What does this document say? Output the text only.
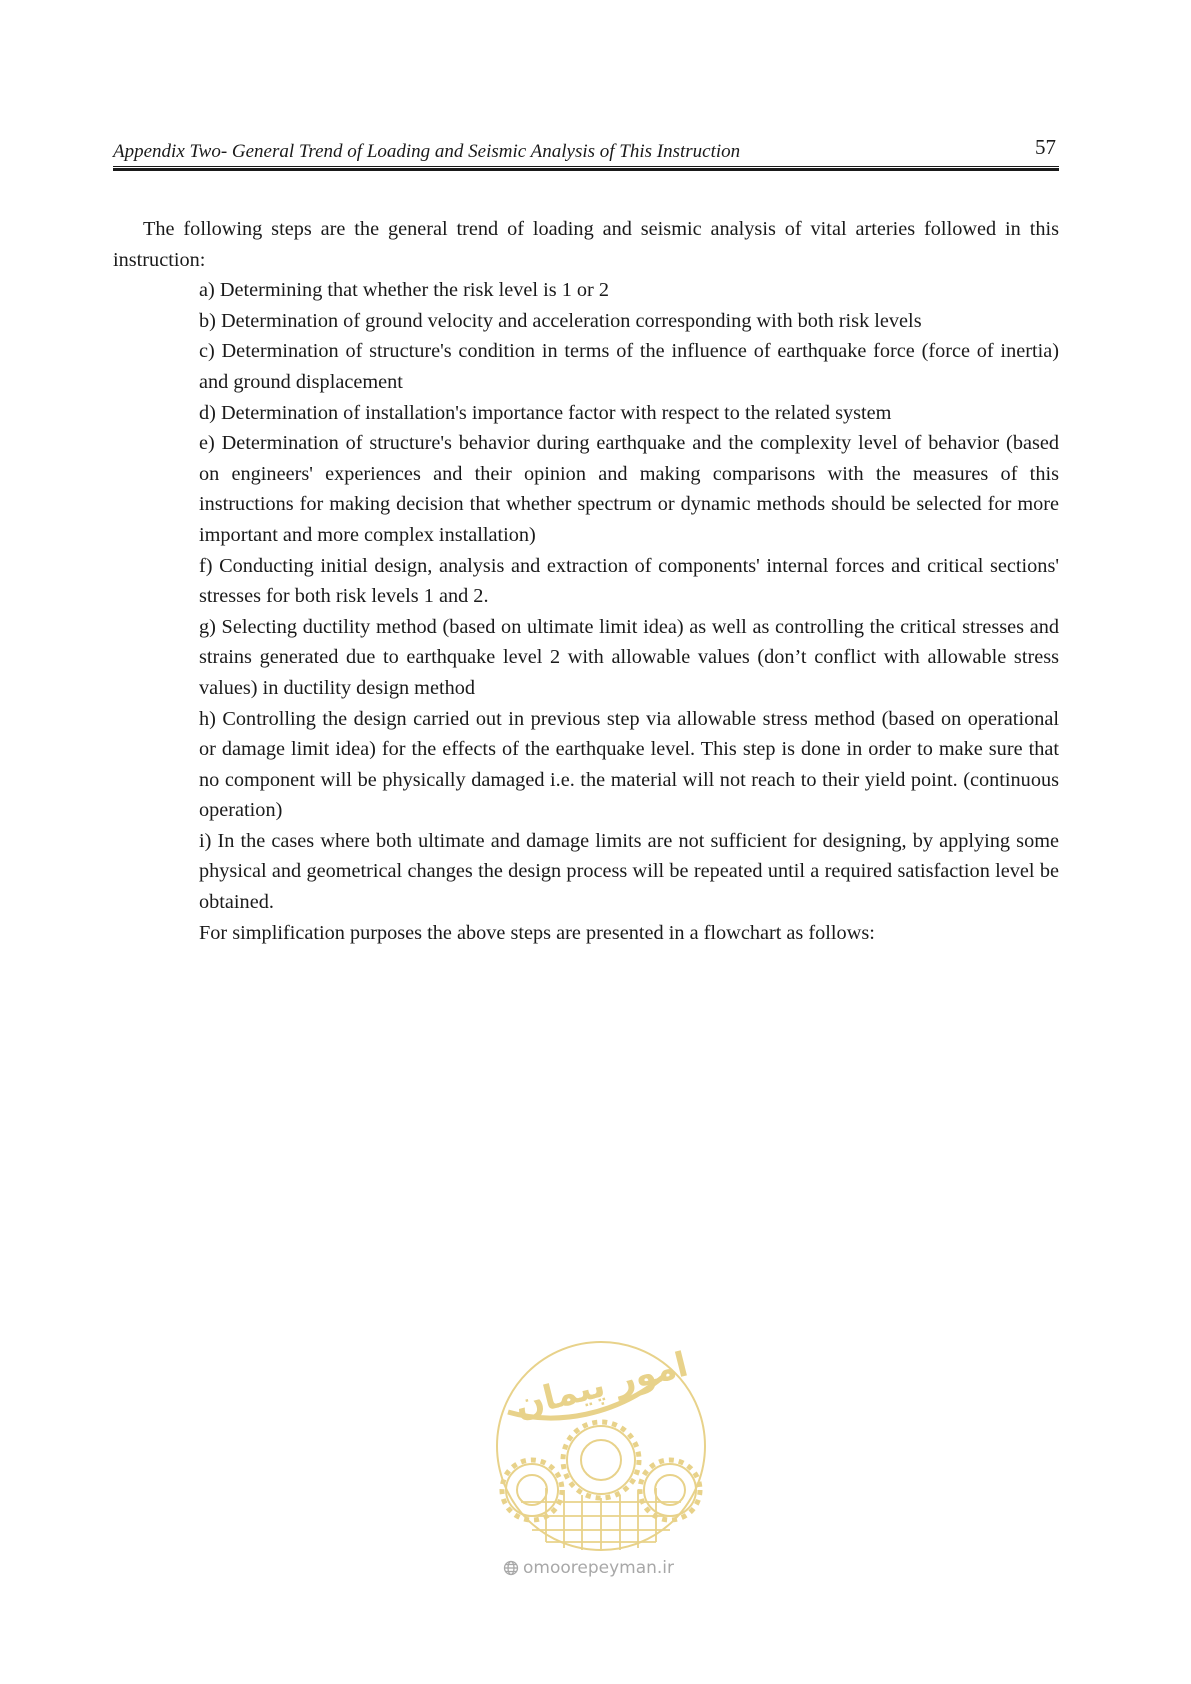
Appendix Two- General Trend of Loading and Seismic Analysis of This Instruction	57

The following steps are the general trend of loading and seismic analysis of vital arteries followed in this instruction:

a) Determining that whether the risk level is 1 or 2
b) Determination of ground velocity and acceleration corresponding with both risk levels
c) Determination of structure's condition in terms of the influence of earthquake force (force of inertia) and ground displacement
d) Determination of installation's importance factor with respect to the related system
e) Determination of structure's behavior during earthquake and the complexity level of behavior (based on engineers' experiences and their opinion and making comparisons with the measures of this instructions for making decision that whether spectrum or dynamic methods should be selected for more important and more complex installation)
f) Conducting initial design, analysis and extraction of components' internal forces and critical sections' stresses for both risk levels 1 and 2.
g) Selecting ductility method (based on ultimate limit idea) as well as controlling the critical stresses and strains generated due to earthquake level 2 with allowable values (don’t conflict with allowable stress values) in ductility design method
h) Controlling the design carried out in previous step via allowable stress method (based on operational or damage limit idea) for the effects of the earthquake level. This step is done in order to make sure that no component will be physically damaged i.e. the material will not reach to their yield point. (continuous operation)
i) In the cases where both ultimate and damage limits are not sufficient for designing, by applying some physical and geometrical changes the design process will be repeated until a required satisfaction level be obtained.

For simplification purposes the above steps are presented in a flowchart as follows:

امور پیمان
omoorepeyman.ir
